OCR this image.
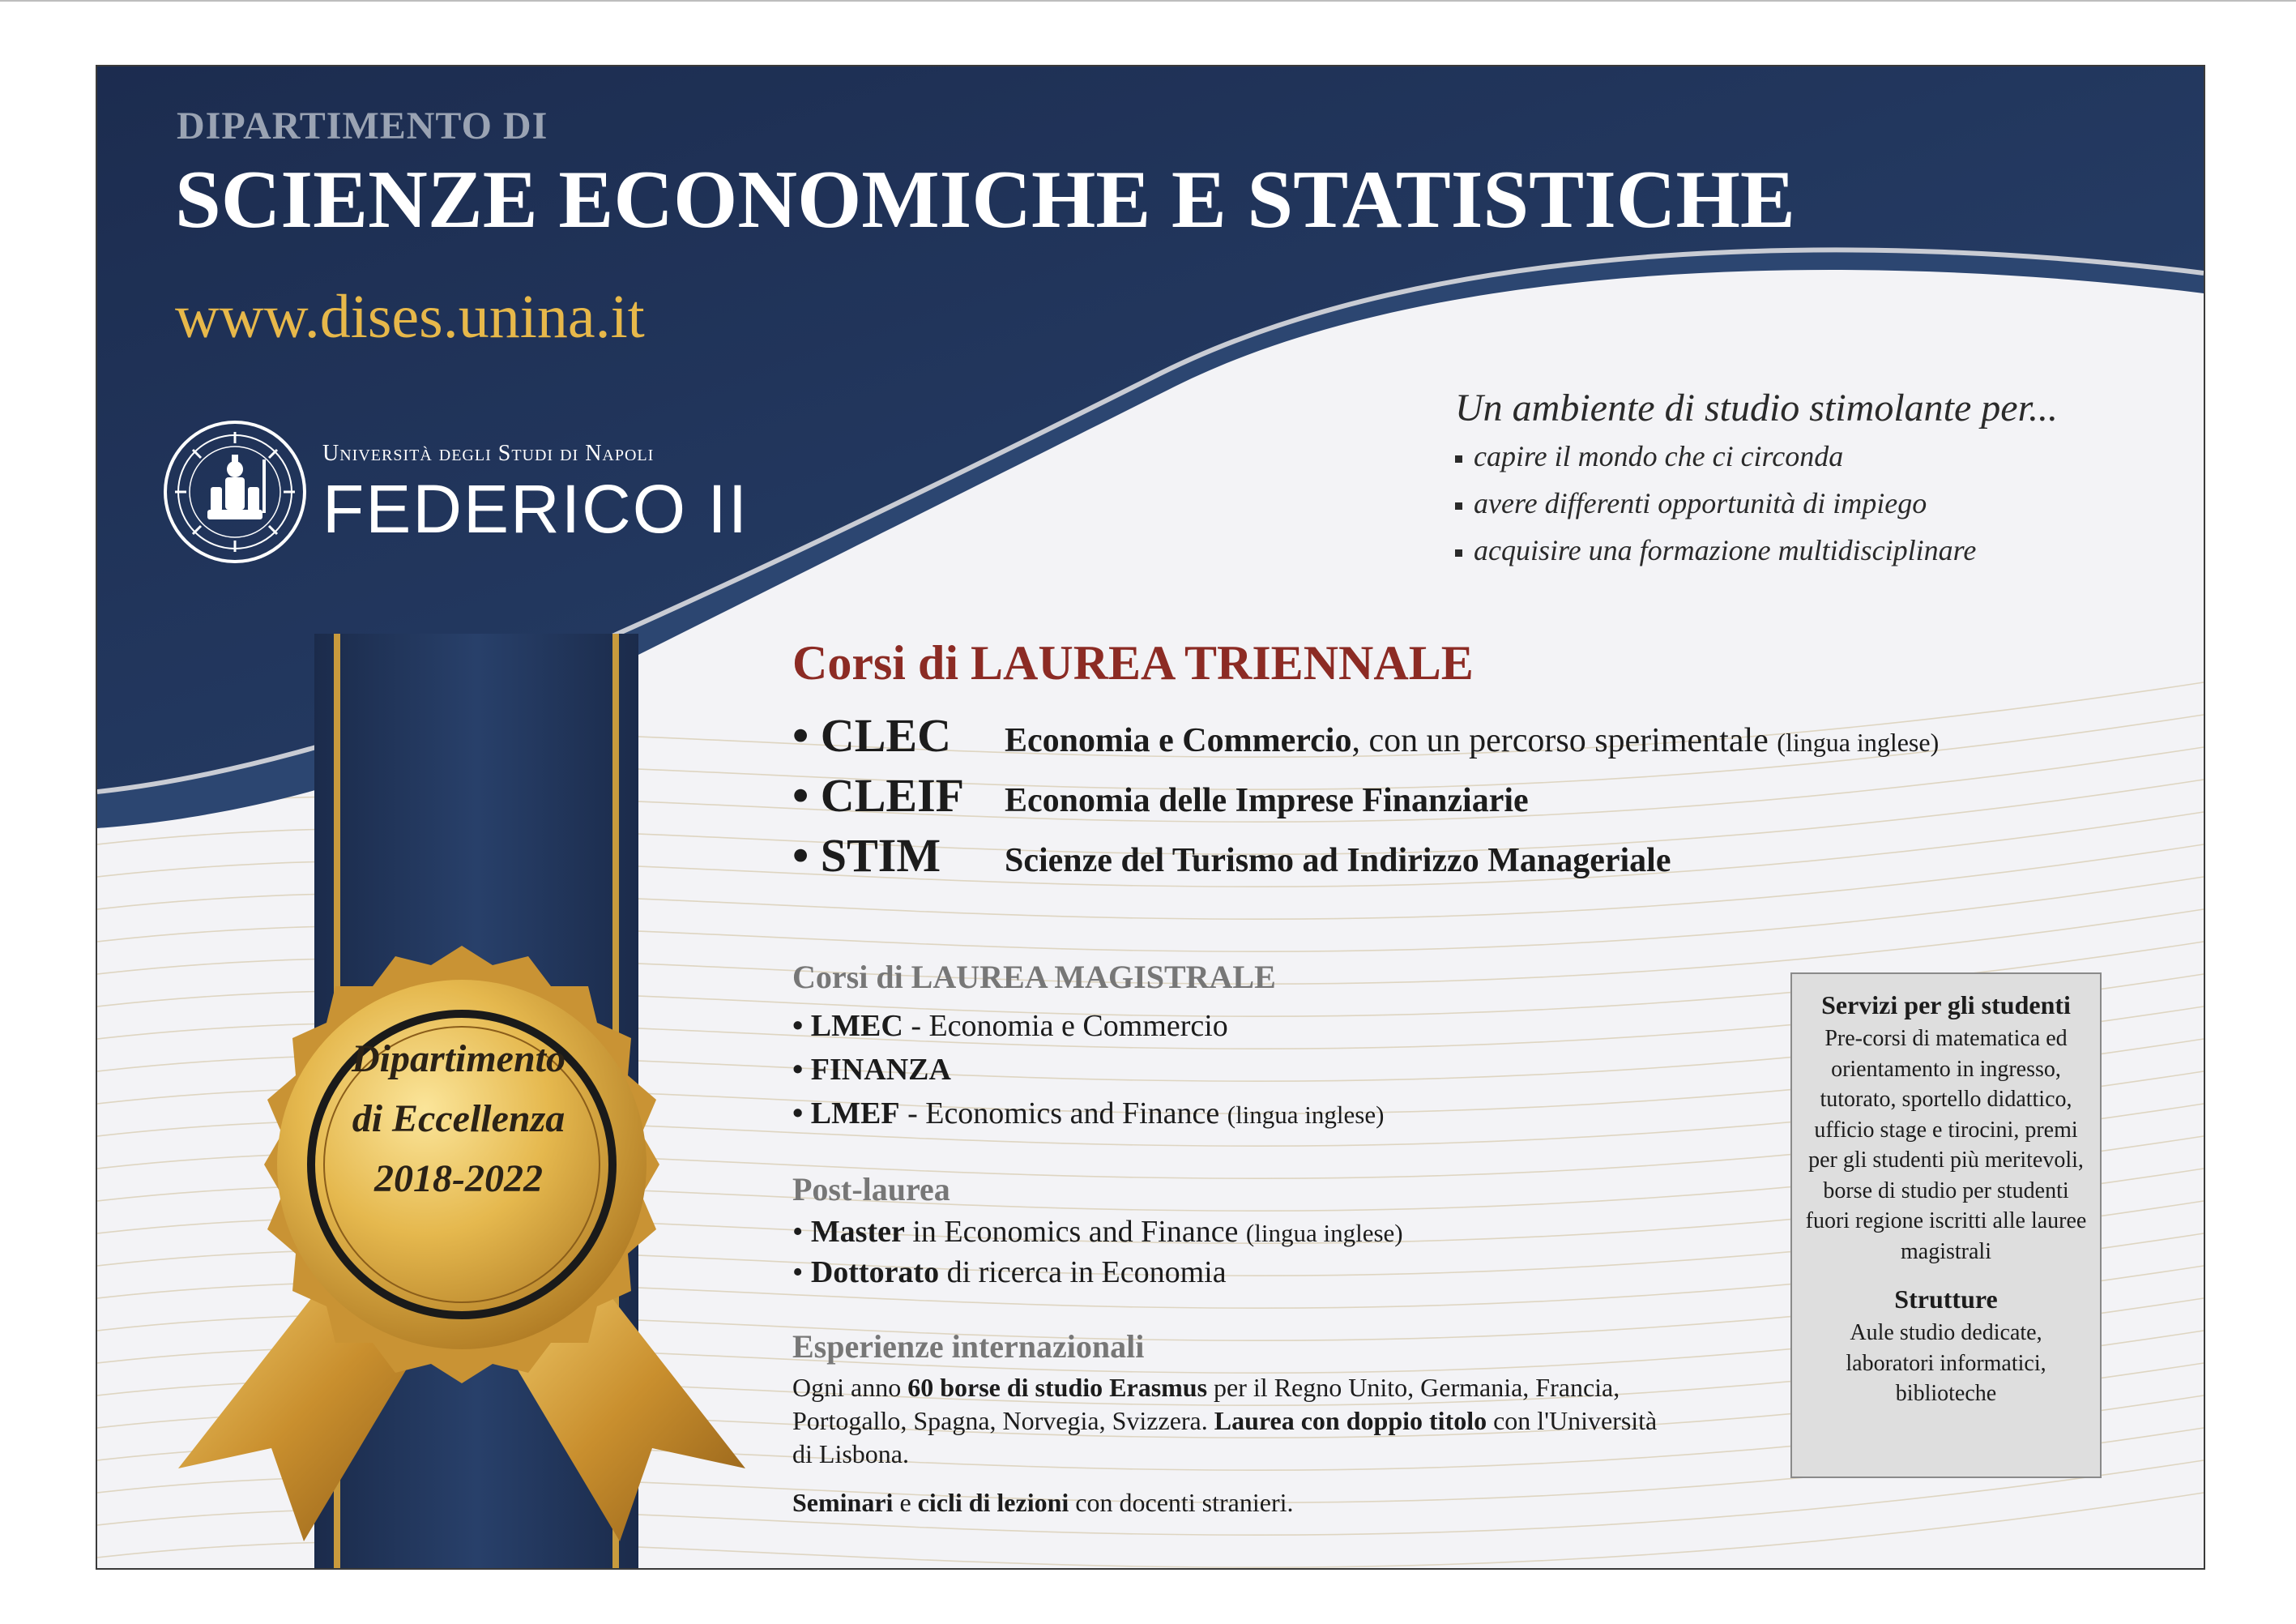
DIPARTIMENTO DI

SCIENZE ECONOMICHE E STATISTICHE

www.dises.unina.it

Università degli Studi di Napoli

FEDERICO II

Un ambiente di studio stimolante per...

capire il mondo che ci circonda
avere differenti opportunità di impiego
acquisire una formazione multidisciplinare
Corsi di LAUREA TRIENNALE
• CLEC Economia e Commercio, con un percorso sperimentale (lingua inglese)
• CLEIF Economia delle Imprese Finanziarie
• STIM Scienze del Turismo ad Indirizzo Manageriale
Corsi di LAUREA MAGISTRALE
• LMEC - Economia e Commercio
• FINANZA
• LMEF - Economics and Finance (lingua inglese)
Post-laurea
• Master in Economics and Finance (lingua inglese)
• Dottorato di ricerca in Economia
Esperienze internazionali

Ogni anno 60 borse di studio Erasmus per il Regno Unito, Germania, Francia, Portogallo, Spagna, Norvegia, Svizzera. Laurea con doppio titolo con l'Università di Lisbona.

Seminari e cicli di lezioni con docenti stranieri.

Servizi per gli studenti

Pre-corsi di matematica ed orientamento in ingresso, tutorato, sportello didattico, ufficio stage e tirocini, premi per gli studenti più meritevoli, borse di studio per studenti fuori regione iscritti alle lauree magistrali

Strutture

Aule studio dedicate, laboratori informatici, biblioteche

Dipartimento
di Eccellenza
2018-2022
